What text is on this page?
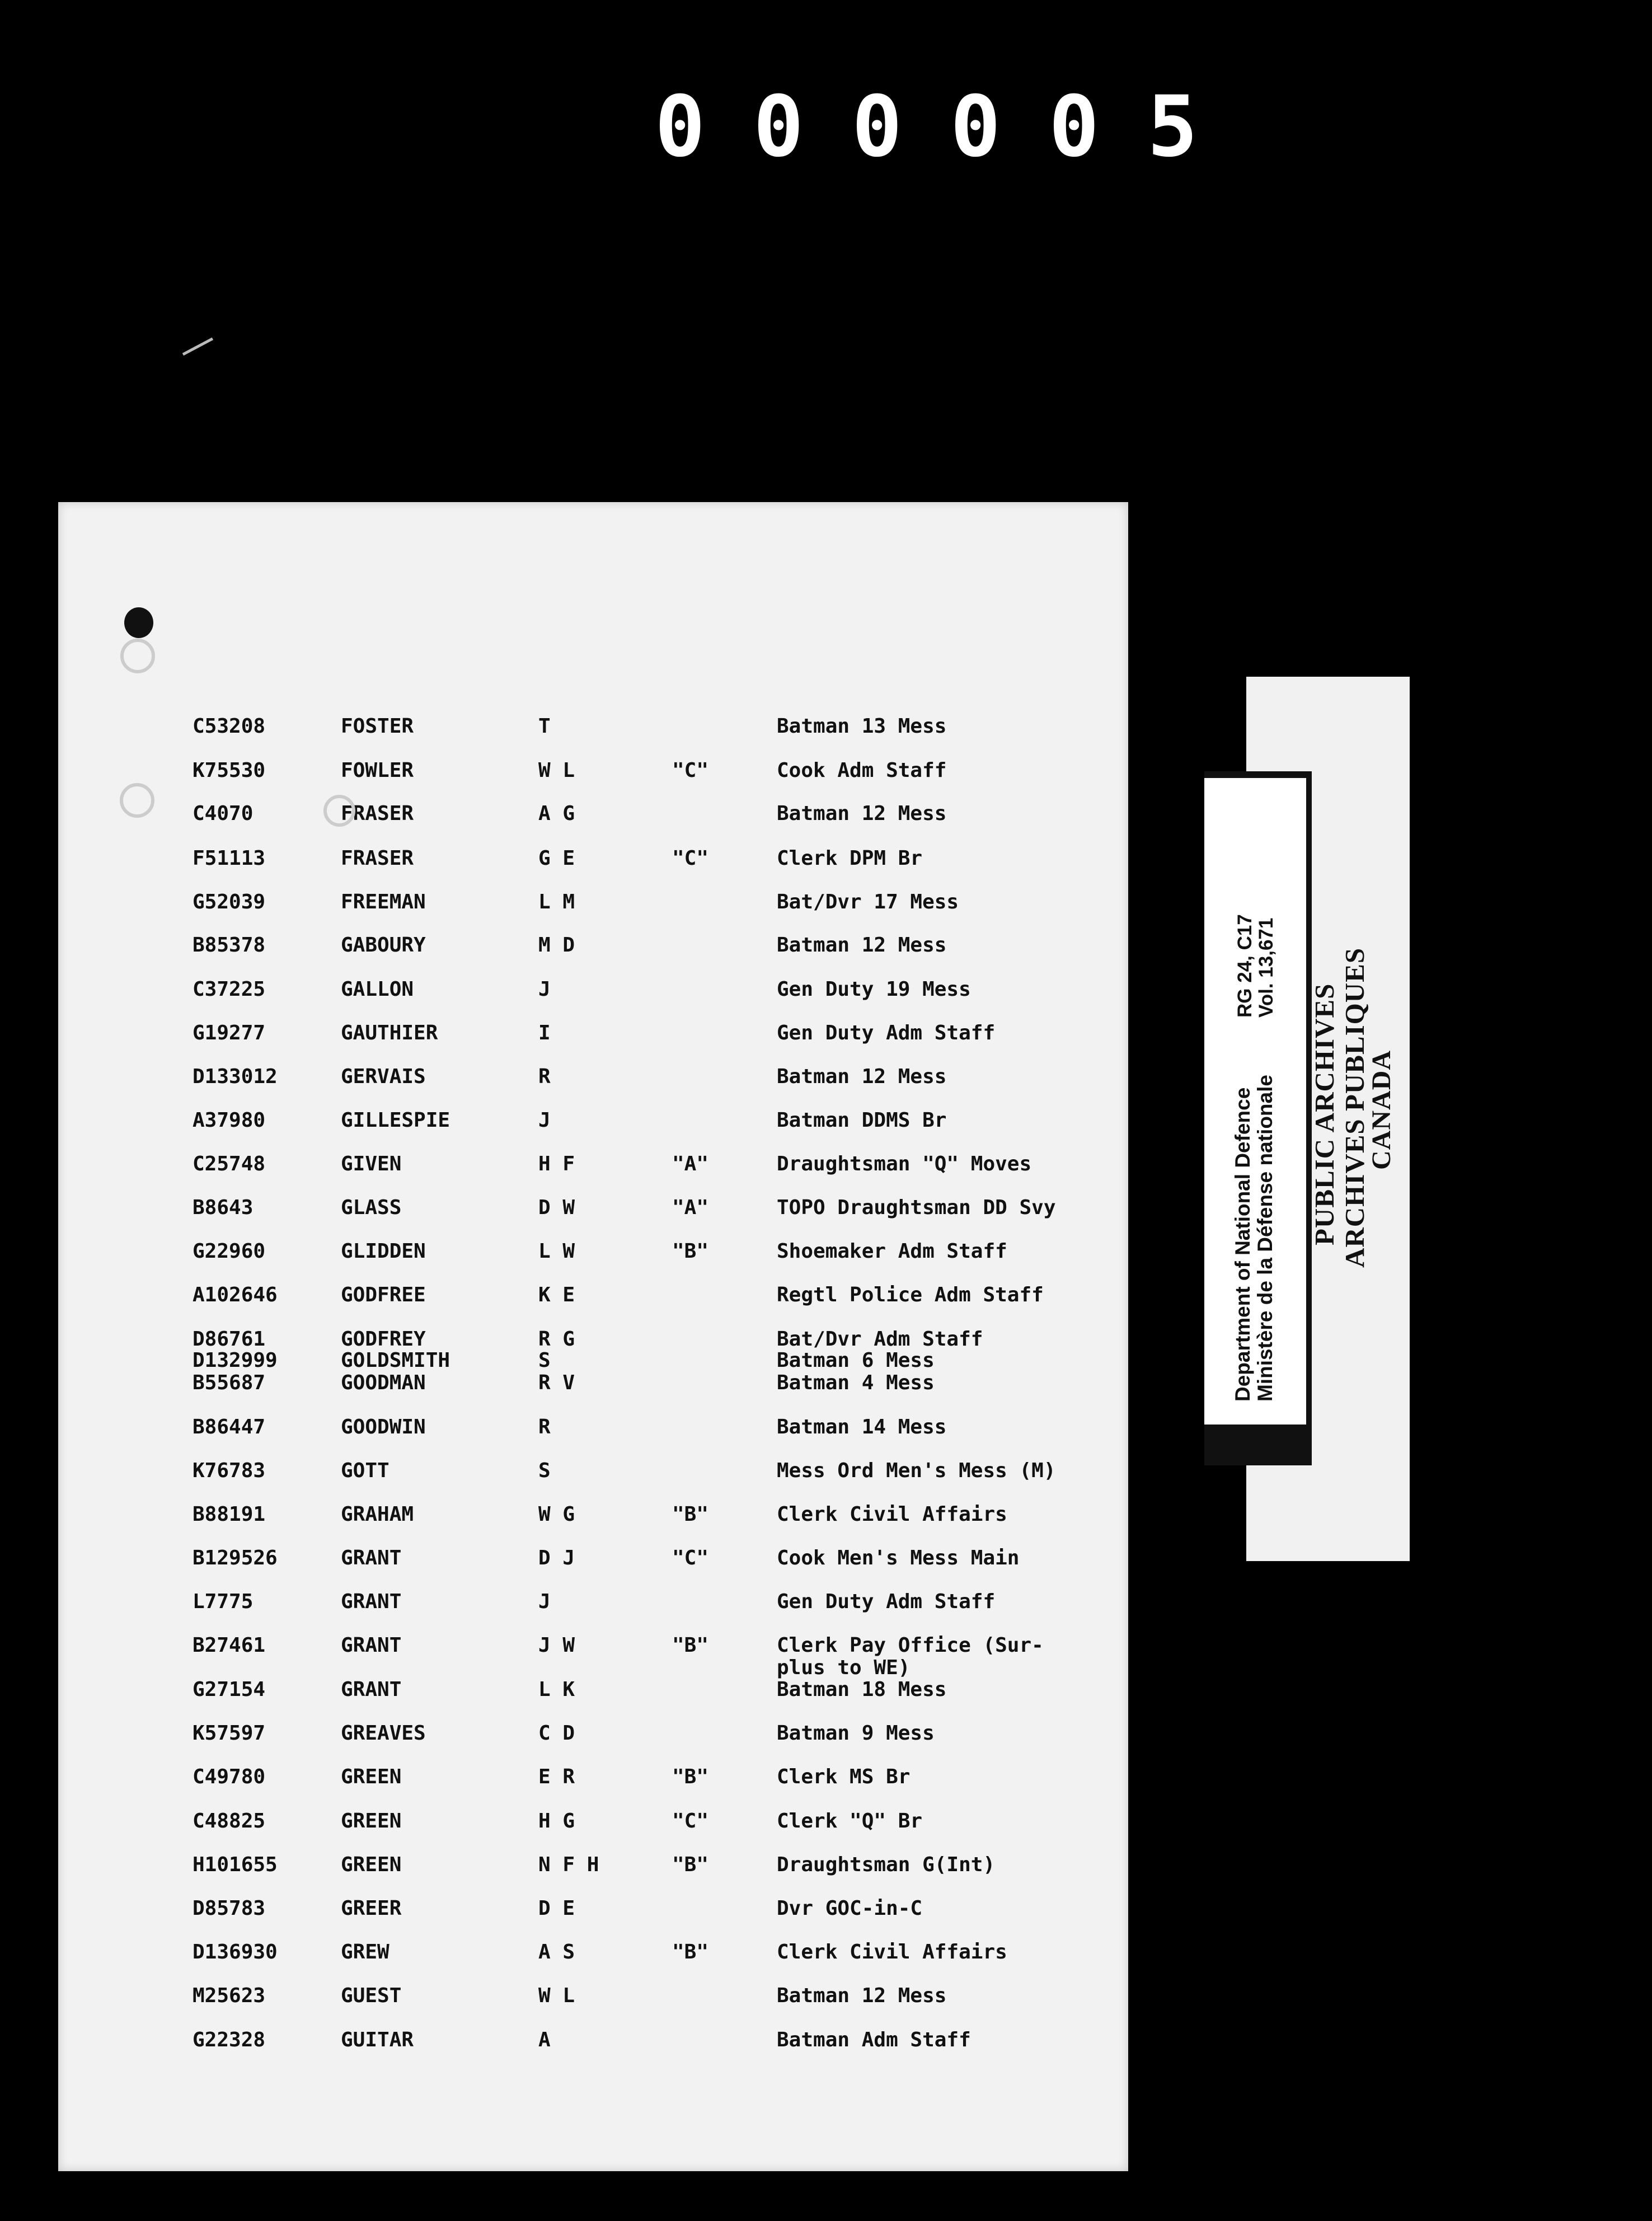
0 0 0 0 0 5
C53208	FOSTER	T	Batman 13 Mess
K75530	FOWLER	W L	"C"	Cook Adm Staff
C4070	FRASER	A G	Batman 12 Mess
F51113	FRASER	G E	"C"	Clerk DPM Br
G52039	FREEMAN	L M	Bat/Dvr 17 Mess
B85378	GABOURY	M D	Batman 12 Mess
C37225	GALLON	J	Gen Duty 19 Mess
G19277	GAUTHIER	I	Gen Duty Adm Staff
D133012	GERVAIS	R	Batman 12 Mess
A37980	GILLESPIE	J	Batman DDMS Br
C25748	GIVEN	H F	"A"	Draughtsman "Q" Moves
B8643	GLASS	D W	"A"	TOPO Draughtsman DD Svy
G22960	GLIDDEN	L W	"B"	Shoemaker Adm Staff
A102646	GODFREE	K E	Regtl Police Adm Staff
D86761	GODFREY	R G	Bat/Dvr Adm Staff
D132999	GOLDSMITH	S	Batman 6 Mess
B55687	GOODMAN	R V	Batman 4 Mess
B86447	GOODWIN	R	Batman 14 Mess
K76783	GOTT	S	Mess Ord Men's Mess (M)
B88191	GRAHAM	W G	"B"	Clerk Civil Affairs
B129526	GRANT	D J	"C"	Cook Men's Mess Main
L7775	GRANT	J	Gen Duty Adm Staff
B27461	GRANT	J W	"B"	Clerk Pay Office (Sur-
plus to WE)
G27154	GRANT	L K	Batman 18 Mess
K57597	GREAVES	C D	Batman 9 Mess
C49780	GREEN	E R	"B"	Clerk MS Br
C48825	GREEN	H G	"C"	Clerk "Q" Br
H101655	GREEN	N F H	"B"	Draughtsman G(Int)
D85783	GREER	D E	Dvr GOC-in-C
D136930	GREW	A S	"B"	Clerk Civil Affairs
M25623	GUEST	W L	Batman 12 Mess
G22328	GUITAR	A	Batman Adm Staff
Department of National Defence Ministère de la Défense nationale
RG 24, C17 Vol. 13,671
PUBLIC ARCHIVES ARCHIVES PUBLIQUES
CANADA
